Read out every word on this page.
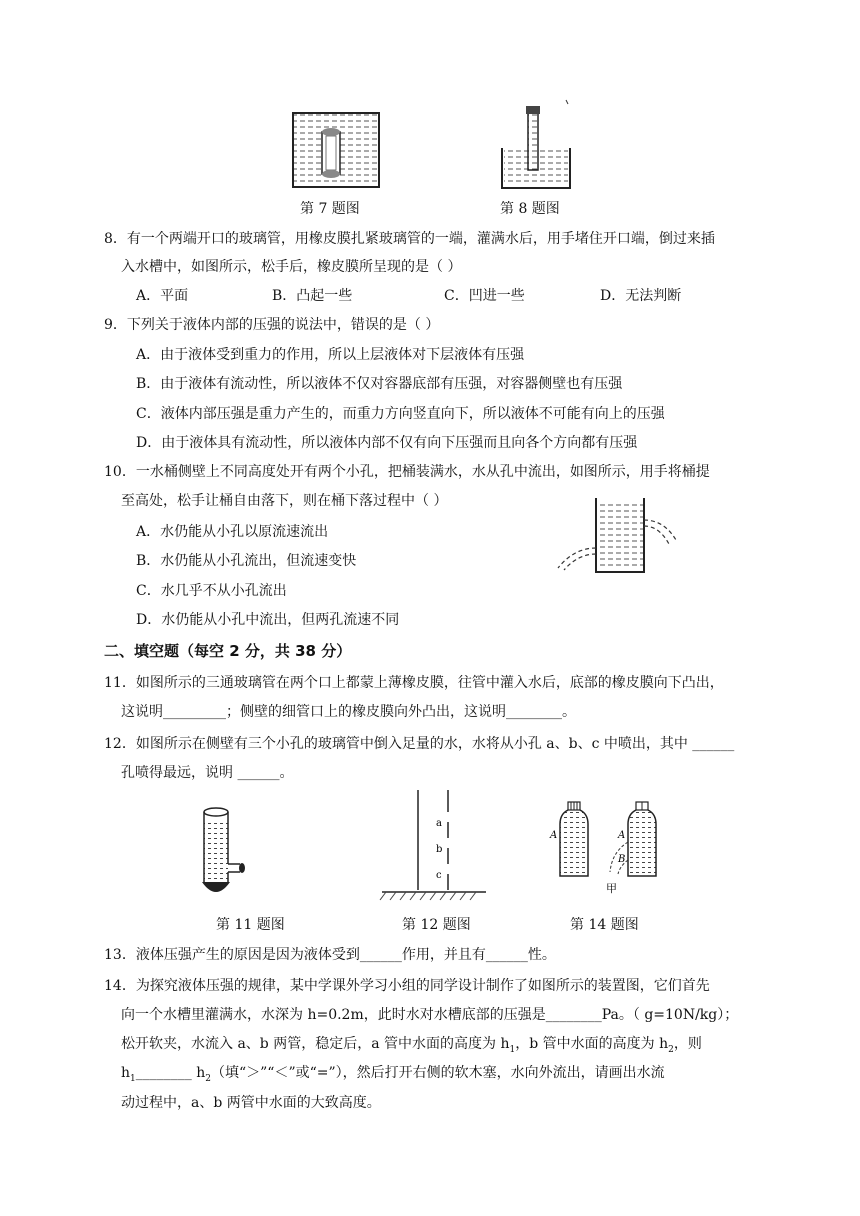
第 7 题图	第 8 题图
8．有一个两端开口的玻璃管，用橡皮膜扎紧玻璃管的一端，灌满水后，用手堵住开口端，倒过来插
入水槽中，如图所示，松手后，橡皮膜所呈现的是（ ）
A．平面	B．凸起一些	C．凹进一些	D．无法判断
9．下列关于液体内部的压强的说法中，错误的是（ ）
A．由于液体受到重力的作用，所以上层液体对下层液体有压强
B．由于液体有流动性，所以液体不仅对容器底部有压强，对容器侧壁也有压强
C．液体内部压强是重力产生的，而重力方向竖直向下，所以液体不可能有向上的压强
D．由于液体具有流动性，所以液体内部不仅有向下压强而且向各个方向都有压强
10．一水桶侧壁上不同高度处开有两个小孔，把桶装满水，水从孔中流出，如图所示，用手将桶提
至高处，松手让桶自由落下，则在桶下落过程中（ ）
A．水仍能从小孔以原流速流出
B．水仍能从小孔流出，但流速变快
C．水几乎不从小孔流出
D．水仍能从小孔中流出，但两孔流速不同
二、填空题（每空 2 分，共 38 分）
11．如图所示的三通玻璃管在两个口上都蒙上薄橡皮膜，往管中灌入水后，底部的橡皮膜向下凸出，
这说明_________；侧壁的细管口上的橡皮膜向外凸出，这说明________。
12．如图所示在侧壁有三个小孔的玻璃管中倒入足量的水，水将从小孔 a、b、c 中喷出，其中 ______
孔喷得最远，说明 ______。
a
b
c
A	A
B
甲
第 11 题图	第 12 题图	第 14 题图
13．液体压强产生的原因是因为液体受到______作用，并且有______性。
14．为探究液体压强的规律，某中学课外学习小组的同学设计制作了如图所示的装置图，它们首先
向一个水槽里灌满水，水深为 h=0.2m，此时水对水槽底部的压强是________Pa。（ g=10N/kg）；
松开软夹，水流入 a、b 两管，稳定后，a 管中水面的高度为 $h_1$，b 管中水面的高度为 $h_2$，则
$h_1\_\_\_\_\_\_\_\_$ $h_2$（填“＞”“＜”或“=”），然后打开右侧的软木塞，水向外流出，请画出水流
动过程中，a、b 两管中水面的大致高度。
